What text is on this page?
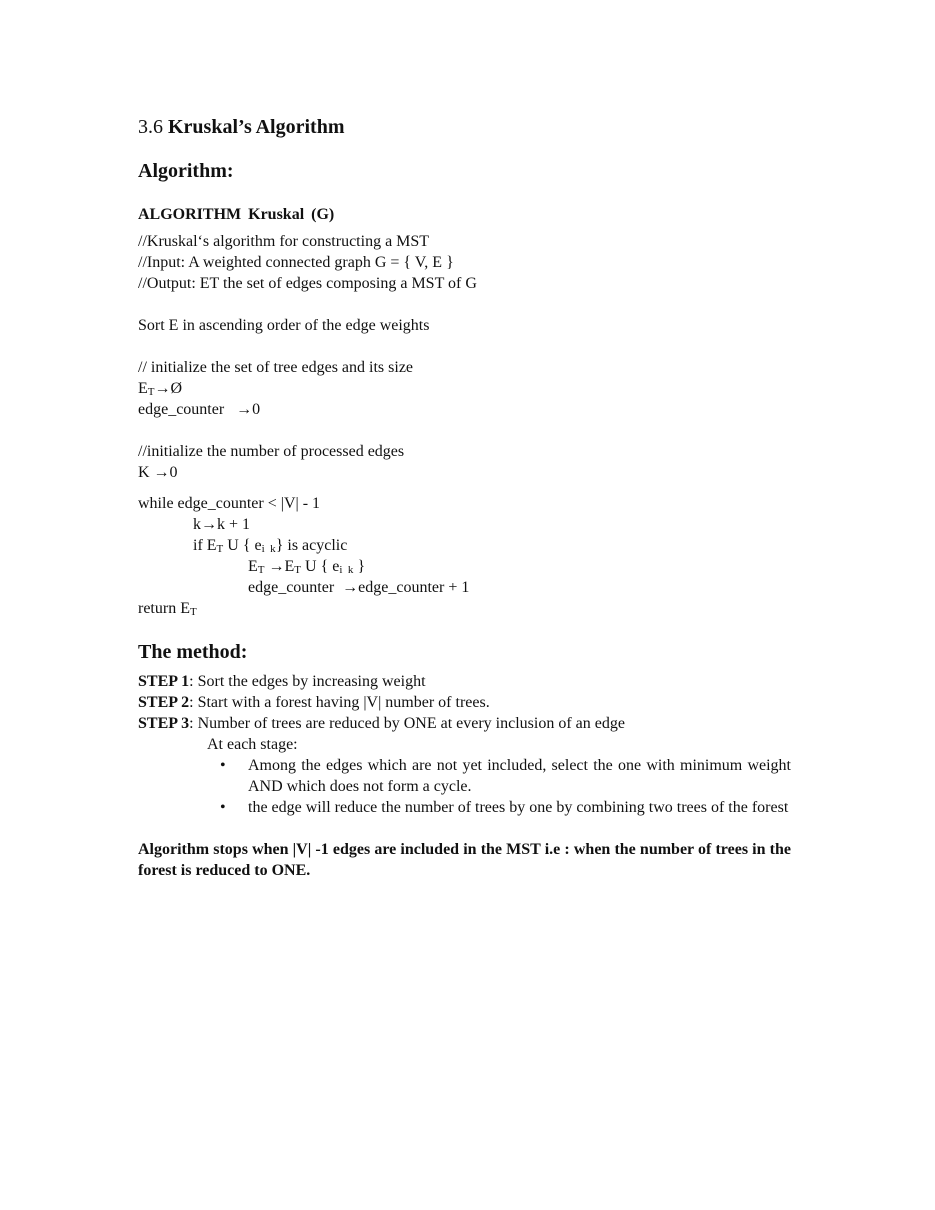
3.6 Kruskal’s Algorithm
Algorithm:
ALGORITHM Kruskal (G)
//Kruskal‘s algorithm for constructing a MST
//Input: A weighted connected graph G = { V, E }
//Output: ET the set of edges composing a MST of G
Sort E in ascending order of the edge weights
// initialize the set of tree edges and its size
$E_T\to Ø$
edge_counter   →0
//initialize the number of processed edges
K →0
while edge_counter < |V| - 1
k→k + 1
if $E_T$ U { $e_{i k}$} is acyclic
$E_T \to E_T$ U { $e_{i k}$ }
edge_counter  →edge_counter + 1
return $E_T$
The method:
STEP 1: Sort the edges by increasing weight
STEP 2: Start with a forest having |V| number of trees.
STEP 3: Number of trees are reduced by ONE at every inclusion of an edge
At each stage:
• Among the edges which are not yet included, select the one with minimum weight AND which does not form a cycle.
• the edge will reduce the number of trees by one by combining two trees of the forest
Algorithm stops when |V| -1 edges are included in the MST i.e : when the number of trees in the forest is reduced to ONE.
